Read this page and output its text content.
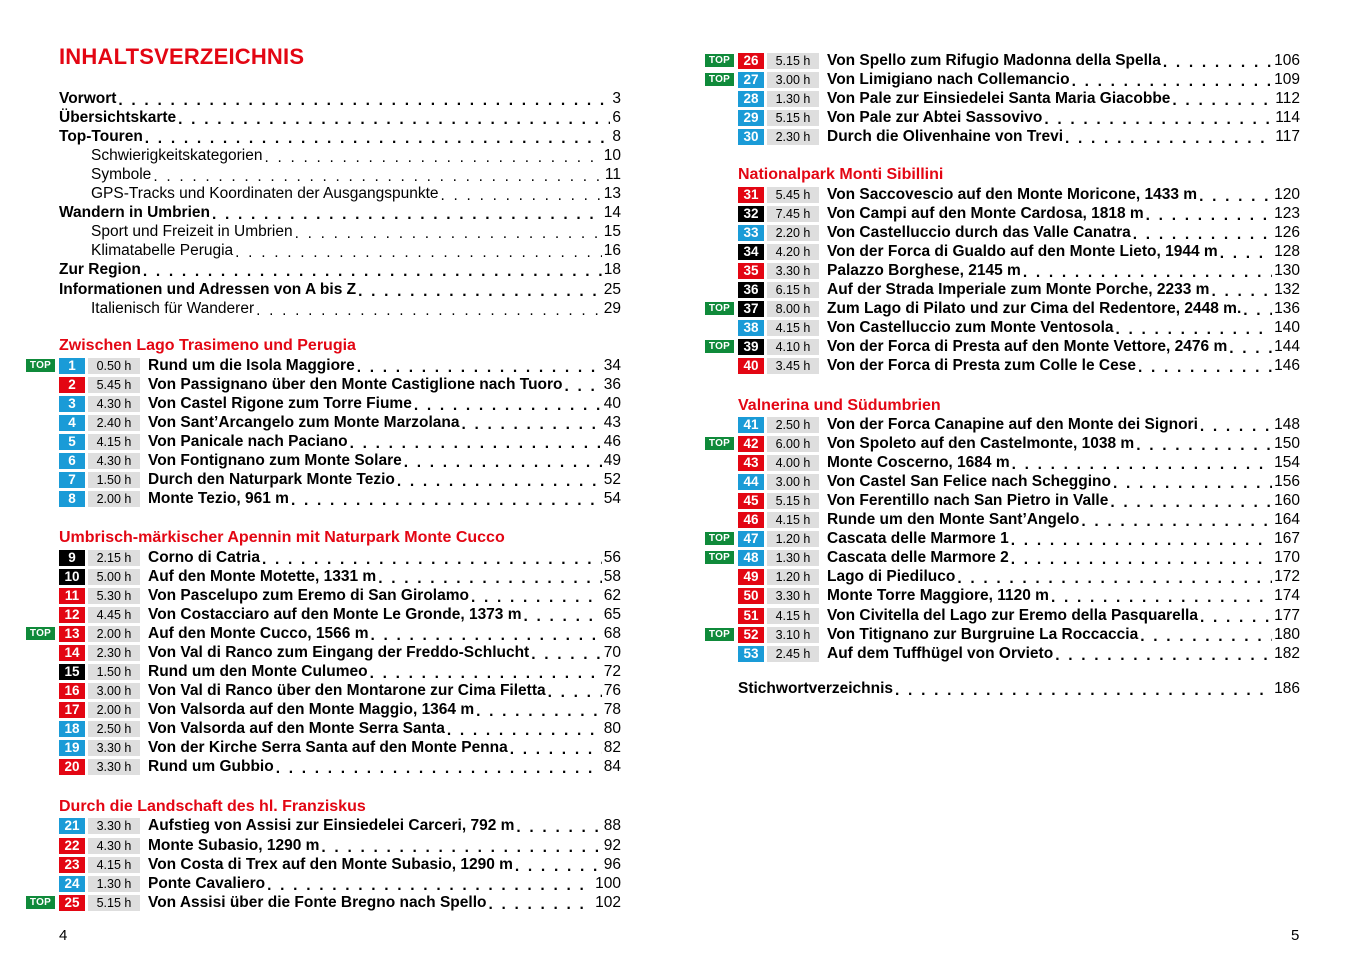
INHALTSVERZEICHNIS
Vorwort . . .	3
Übersichtskarte . . .	6
Top-Touren . . .	8
Schwierigkeitskategorien . . .	10
Symbole . . .	11
GPS-Tracks und Koordinaten der Ausgangspunkte . . .	13
Wandern in Umbrien . . .	14
Sport und Freizeit in Umbrien . . .	15
Klimatabelle Perugia . . .	16
Zur Region . . .	18
Informationen und Adressen von A bis Z . . .	25
Italienisch für Wanderer . . .	29
Zwischen Lago Trasimeno und Perugia
TOP	1	0.50 h	Rund um die Isola Maggiore . . .	34
2	5.45 h	Von Passignano über den Monte Castiglione nach Tuoro . . .	36
3	4.30 h	Von Castel Rigone zum Torre Fiume . . .	40
4	2.40 h	Von Sant’Arcangelo zum Monte Marzolana . . .	43
5	4.15 h	Von Panicale nach Paciano . . .	46
6	4.30 h	Von Fontignano zum Monte Solare . . .	49
7	1.50 h	Durch den Naturpark Monte Tezio . . .	52
8	2.00 h	Monte Tezio, 961 m . . .	54
Umbrisch-märkischer Apennin mit Naturpark Monte Cucco
9	2.15 h	Corno di Catria . . .	56
10	5.00 h	Auf den Monte Motette, 1331 m . . .	58
11	5.30 h	Von Pascelupo zum Eremo di San Girolamo . . .	62
12	4.45 h	Von Costacciaro auf den Monte Le Gronde, 1373 m . . .	65
TOP 13	2.00 h	Auf den Monte Cucco, 1566 m . . .	68
14	2.30 h	Von Val di Ranco zum Eingang der Freddo-Schlucht . . .	70
15	1.50 h	Rund um den Monte Culumeo . . .	72
16	3.00 h	Von Val di Ranco über den Montarone zur Cima Filetta . . .	76
17	2.00 h	Von Valsorda auf den Monte Maggio, 1364 m . . .	78
18	2.50 h	Von Valsorda auf den Monte Serra Santa . . .	80
19	3.30 h	Von der Kirche Serra Santa auf den Monte Penna . . .	82
20	3.30 h	Rund um Gubbio . . .	84
Durch die Landschaft des hl. Franziskus
21	3.30 h	Aufstieg von Assisi zur Einsiedelei Carceri, 792 m . . .	88
22	4.30 h	Monte Subasio, 1290 m . . .	92
23	4.15 h	Von Costa di Trex auf den Monte Subasio, 1290 m . . .	96
24	1.30 h	Ponte Cavaliero . . .	100
TOP 25	5.15 h	Von Assisi über die Fonte Bregno nach Spello . . .	102
TOP 26	5.15 h	Von Spello zum Rifugio Madonna della Spella . . .	106
TOP 27	3.00 h	Von Limigiano nach Collemancio . . .	109
28	1.30 h	Von Pale zur Einsiedelei Santa Maria Giacobbe . . .	112
29	5.15 h	Von Pale zur Abtei Sassovivo . . .	114
30	2.30 h	Durch die Olivenhaine von Trevi . . .	117
Nationalpark Monti Sibillini
31	5.45 h	Von Saccovescio auf den Monte Moricone, 1433 m . . .	120
32	7.45 h	Von Campi auf den Monte Cardosa, 1818 m . . .	123
33	2.20 h	Von Castelluccio durch das Valle Canatra . . .	126
34	4.20 h	Von der Forca di Gualdo auf den Monte Lieto, 1944 m . . .	128
35	3.30 h	Palazzo Borghese, 2145 m . . .	130
36	6.15 h	Auf der Strada Imperiale zum Monte Porche, 2233 m . . .	132
TOP 37	8.00 h	Zum Lago di Pilato und zur Cima del Redentore, 2448 m. . . . 136
38	4.15 h	Von Castelluccio zum Monte Ventosola . . .	140
TOP 39	4.10 h	Von der Forca di Presta auf den Monte Vettore, 2476 m . . .	144
40	3.45 h	Von der Forca di Presta zum Colle le Cese . . .	146
Valnerina und Südumbrien
41	2.50 h	Von der Forca Canapine auf den Monte dei Signori . . .	148
TOP 42	6.00 h	Von Spoleto auf den Castelmonte, 1038 m . . .	150
43	4.00 h	Monte Coscerno, 1684 m . . .	154
44	3.00 h	Von Castel San Felice nach Scheggino . . .	156
45	5.15 h	Von Ferentillo nach San Pietro in Valle . . .	160
46	4.15 h	Runde um den Monte Sant’Angelo . . .	164
TOP 47	1.20 h	Cascata delle Marmore 1 . . .	167
TOP 48	1.30 h	Cascata delle Marmore 2 . . .	170
49	1.20 h	Lago di Piediluco . . .	172
50	3.30 h	Monte Torre Maggiore, 1120 m . . .	174
51	4.15 h	Von Civitella del Lago zur Eremo della Pasquarella . . .	177
TOP 52	3.10 h	Von Titignano zur Burgruine La Roccaccia . . .	180
53	2.45 h	Auf dem Tuffhügel von Orvieto . . .	182
Stichwortverzeichnis . . .	186
4	5
